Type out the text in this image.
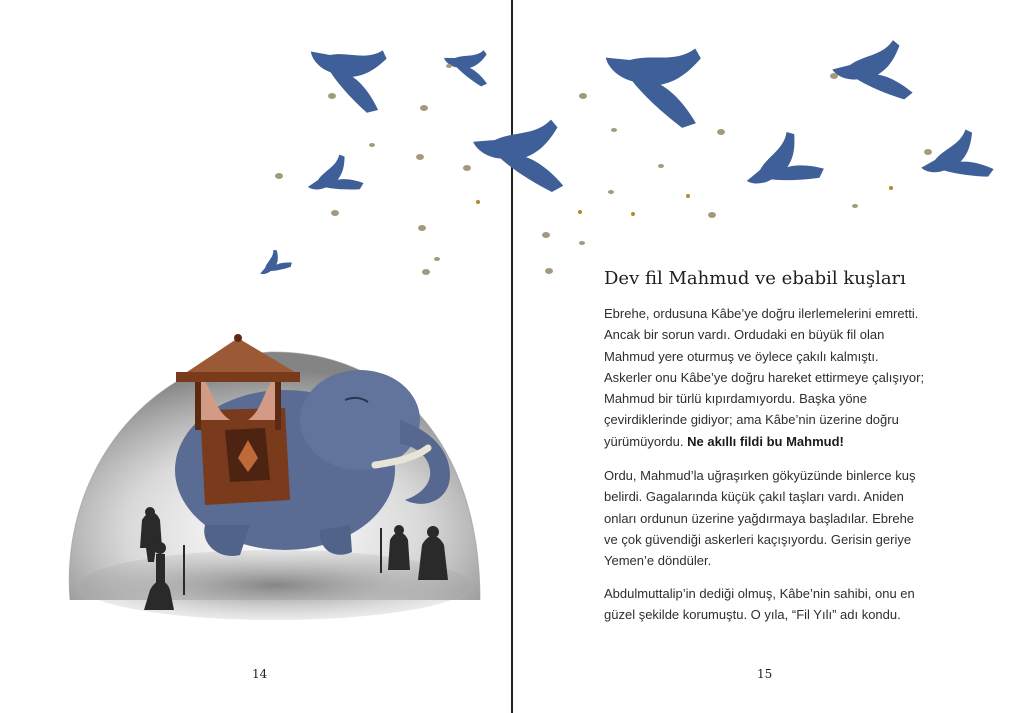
Dev fil Mahmud ve ebabil kuşları

Ebrehe, ordusuna Kâbe’ye doğru ilerlemelerini emretti. Ancak bir sorun vardı. Ordudaki en büyük fil olan Mahmud yere oturmuş ve öylece çakılı kalmıştı. Askerler onu Kâbe’ye doğru hareket ettirmeye çalışıyor; Mahmud bir türlü kıpırdamıyordu. Başka yöne çevirdiklerinde gidiyor; ama Kâbe’nin üzerine doğru yürümüyordu. Ne akıllı fildi bu Mahmud!

Ordu, Mahmud’la uğraşırken gökyüzünde binlerce kuş belirdi. Gagalarında küçük çakıl taşları vardı. Aniden onları ordunun üzerine yağdırmaya başladılar. Ebrehe ve çok güvendiği askerleri kaçışıyordu. Gerisin geriye Yemen’e döndüler.

Abdulmuttalip’in dediği olmuş, Kâbe’nin sahibi, onu en güzel şekilde korumuştu. O yıla, “Fil Yılı” adı kondu.

14	15
